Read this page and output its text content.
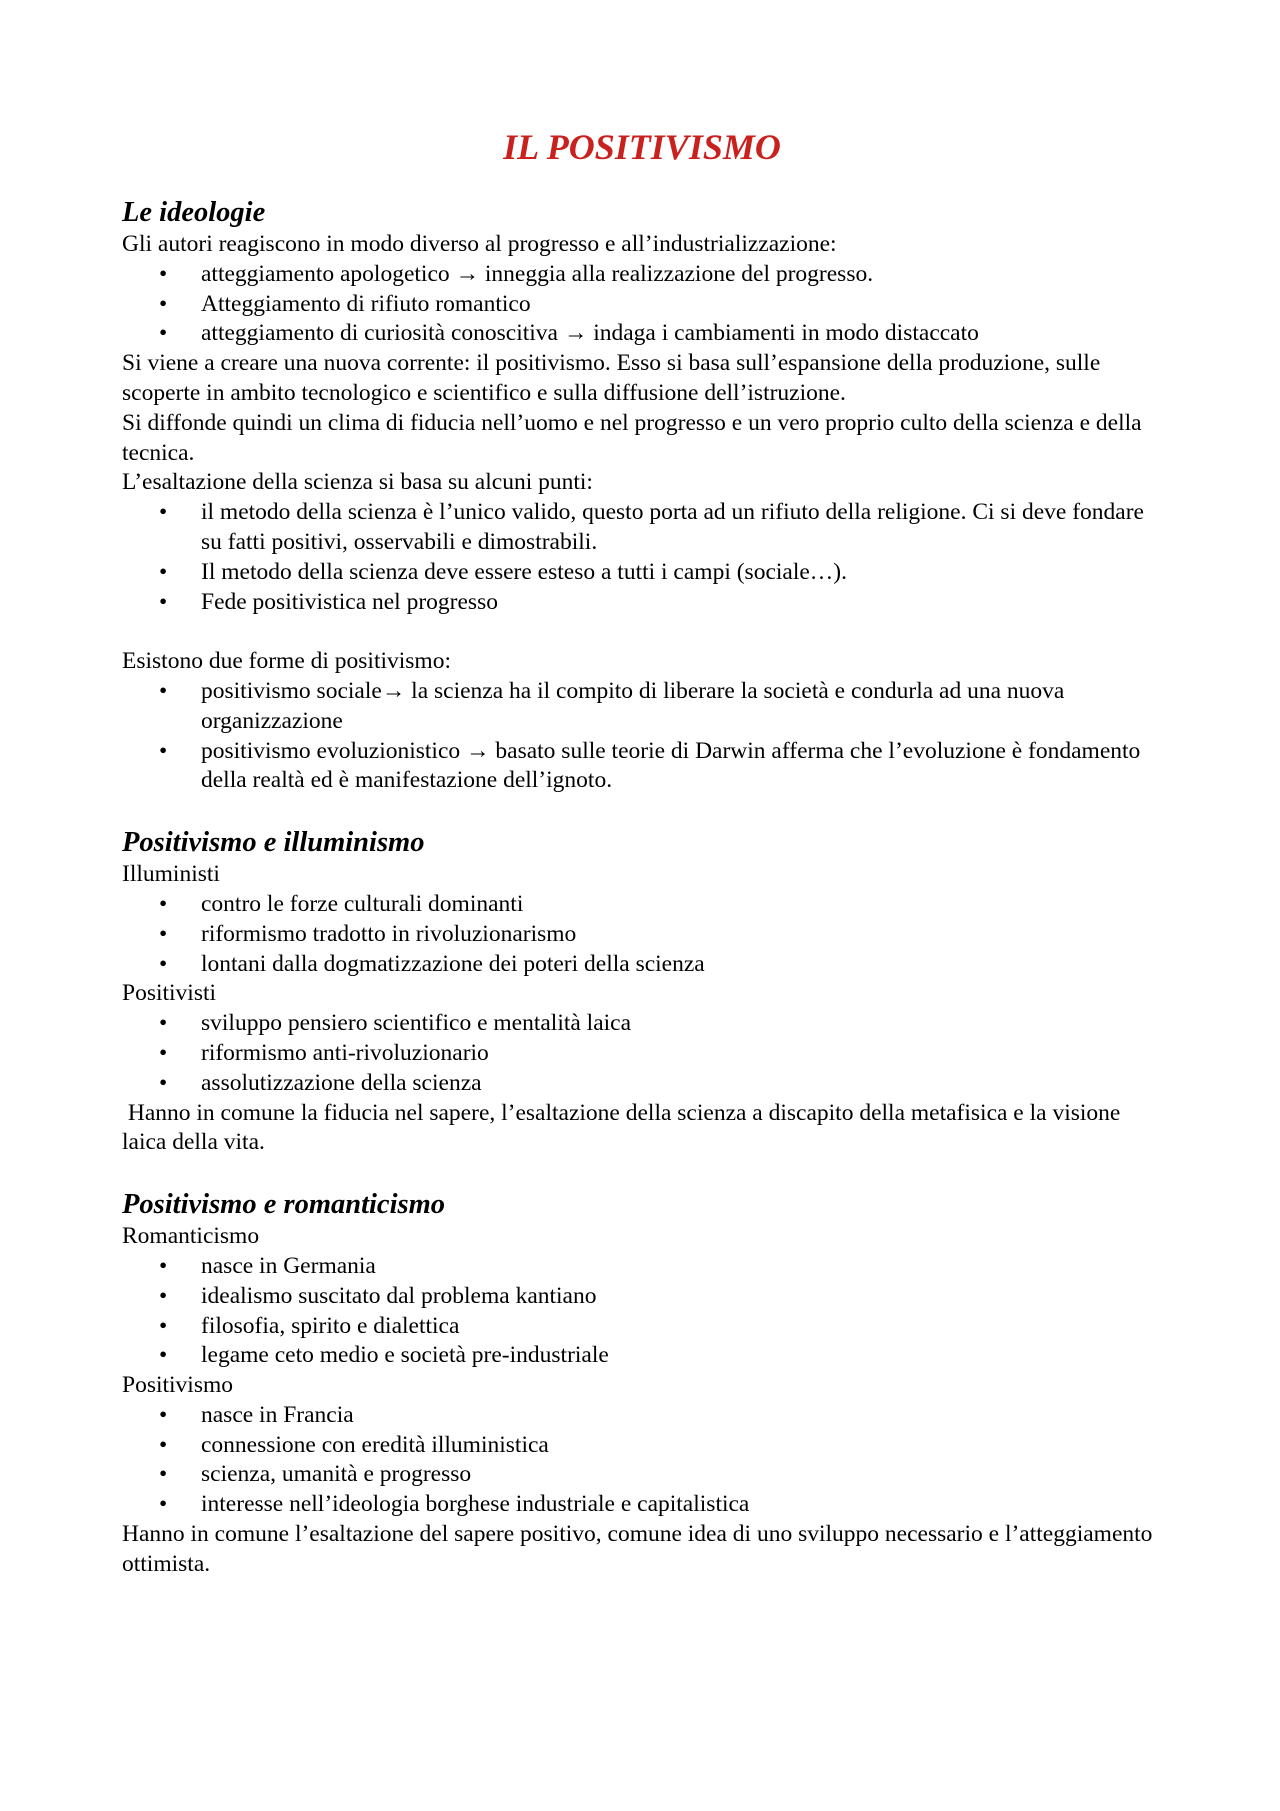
IL POSITIVISMO
Le ideologie

Gli autori reagiscono in modo diverso al progresso e all’industrializzazione:

• atteggiamento apologetico → inneggia alla realizzazione del progresso.
• Atteggiamento di rifiuto romantico
• atteggiamento di curiosità conoscitiva → indaga i cambiamenti in modo distaccato

Si viene a creare una nuova corrente: il positivismo. Esso si basa sull’espansione della produzione, sulle scoperte in ambito tecnologico e scientifico e sulla diffusione dell’istruzione.

Si diffonde quindi un clima di fiducia nell’uomo e nel progresso e un vero proprio culto della scienza e della tecnica.

L’esaltazione della scienza si basa su alcuni punti:

• il metodo della scienza è l’unico valido, questo porta ad un rifiuto della religione. Ci si deve fondare su fatti positivi, osservabili e dimostrabili.
• Il metodo della scienza deve essere esteso a tutti i campi (sociale…).
• Fede positivistica nel progresso

Esistono due forme di positivismo:

• positivismo sociale→ la scienza ha il compito di liberare la società e condurla ad una nuova organizzazione
• positivismo evoluzionistico → basato sulle teorie di Darwin afferma che l’evoluzione è fondamento della realtà ed è manifestazione dell’ignoto.
Positivismo e illuminismo

Illuministi

• contro le forze culturali dominanti
• riformismo tradotto in rivoluzionarismo
• lontani dalla dogmatizzazione dei poteri della scienza

Positivisti

• sviluppo pensiero scientifico e mentalità laica
• riformismo anti-rivoluzionario
• assolutizzazione della scienza

Hanno in comune la fiducia nel sapere, l’esaltazione della scienza a discapito della metafisica e la visione laica della vita.

Positivismo e romanticismo

Romanticismo

• nasce in Germania
• idealismo suscitato dal problema kantiano
• filosofia, spirito e dialettica
• legame ceto medio e società pre-industriale

Positivismo

• nasce in Francia
• connessione con eredità illuministica
• scienza, umanità e progresso
• interesse nell’ideologia borghese industriale e capitalistica

Hanno in comune l’esaltazione del sapere positivo, comune idea di uno sviluppo necessario e l’atteggiamento ottimista.
